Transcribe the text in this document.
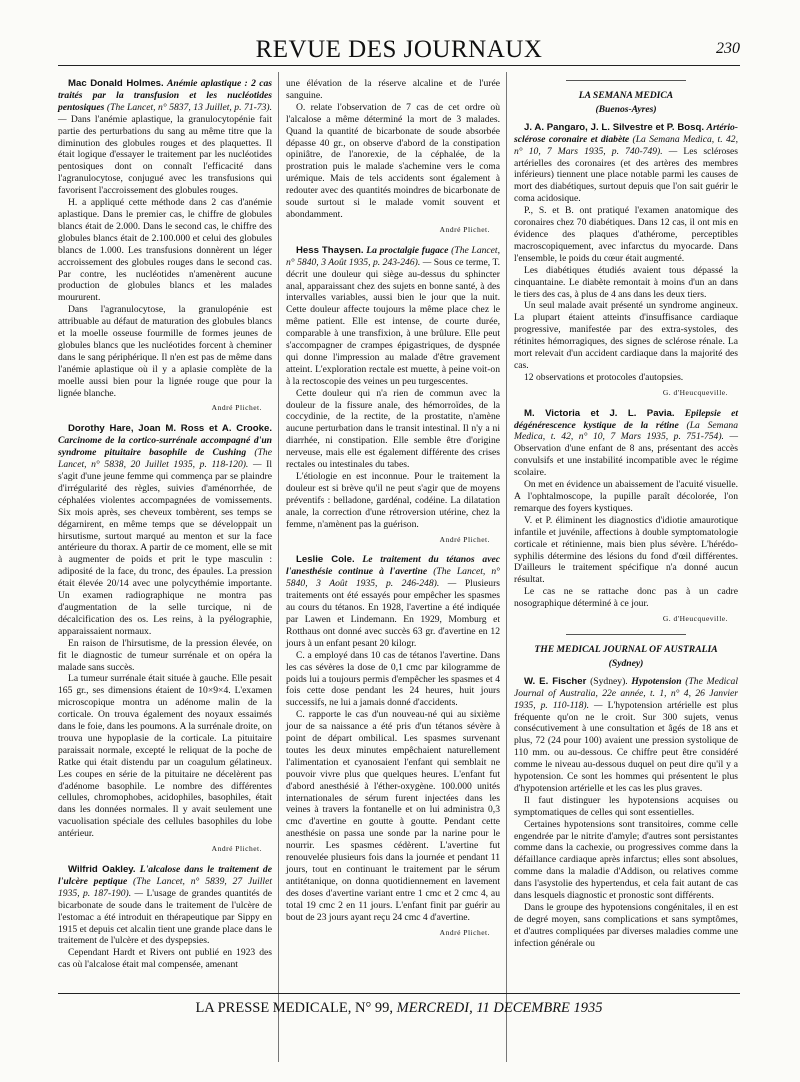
REVUE DES JOURNAUX	230

Mac Donald Holmes. Anémie aplastique : 2 cas traités par la transfusion et les nucléotides pentosiques (The Lancet, n° 5837, 13 Juillet, p. 71-73). — Dans l'anémie aplastique, la granulocytopénie fait partie des perturbations du sang au même titre que la diminution des globules rouges et des plaquettes. Il était logique d'essayer le traitement par les nucléotides pentosiques dont on connaît l'efficacité dans l'agranulocytose, conjugué avec les transfusions qui favorisent l'accroissement des globules rouges.

H. a appliqué cette méthode dans 2 cas d'anémie aplastique. Dans le premier cas, le chiffre de globules blancs était de 2.000. Dans le second cas, le chiffre des globules blancs était de 2.100.000 et celui des globules blancs de 1.000. Les transfusions donnèrent un léger accroissement des globules rouges dans le second cas. Par contre, les nucléotides n'amenèrent aucune production de globules blancs et les malades moururent.

Dans l'agranulocytose, la granulopénie est attribuable au défaut de maturation des globules blancs et la moelle osseuse fourmille de formes jeunes de globules blancs que les nucléotides forcent à cheminer dans le sang périphérique. Il n'en est pas de même dans l'anémie aplastique où il y a aplasie complète de la moelle aussi bien pour la lignée rouge que pour la lignée blanche.

André Plichet.

Dorothy Hare, Joan M. Ross et A. Crooke. Carcinome de la cortico-surrénale accompagné d'un syndrome pituitaire basophile de Cushing (The Lancet, n° 5838, 20 Juillet 1935, p. 118-120). — Il s'agit d'une jeune femme qui commença par se plaindre d'irrégularité des règles, suivies d'aménorrhée, de céphalées violentes accompagnées de vomissements. Six mois après, ses cheveux tombèrent, ses temps se dégarnirent, en même temps que se développait un hirsutisme, surtout marqué au menton et sur la face antérieure du thorax. A partir de ce moment, elle se mit à augmenter de poids et prit le type masculin : adiposité de la face, du tronc, des épaules. La pression était élevée 20/14 avec une polycythémie importante. Un examen radiographique ne montra pas d'augmentation de la selle turcique, ni de décalcification des os. Les reins, à la pyélographie, apparaissaient normaux.

En raison de l'hirsutisme, de la pression élevée, on fit le diagnostic de tumeur surrénale et on opéra la malade sans succès.

La tumeur surrénale était située à gauche. Elle pesait 165 gr., ses dimensions étaient de 10×9×4. L'examen microscopique montra un adénome malin de la corticale. On trouva également des noyaux essaimés dans le foie, dans les poumons. A la surrénale droite, on trouva une hypoplasie de la corticale. La pituitaire paraissait normale, excepté le reliquat de la poche de Ratke qui était distendu par un coagulum gélatineux. Les coupes en série de la pituitaire ne décelèrent pas d'adénome basophile. Le nombre des différentes cellules, chromophobes, acidophiles, basophiles, était dans les données normales. Il y avait seulement une vacuolisation spéciale des cellules basophiles du lobe antérieur.

André Plichet.

Wilfrid Oakley. L'alcalose dans le traitement de l'ulcère peptique (The Lancet, n° 5839, 27 Juillet 1935, p. 187-190). — L'usage de grandes quantités de bicarbonate de soude dans le traitement de l'ulcère de l'estomac a été introduit en thérapeutique par Sippy en 1915 et depuis cet alcalin tient une grande place dans le traitement de l'ulcère et des dyspepsies.

Cependant Hardt et Rivers ont publié en 1923 des cas où l'alcalose était mal compensée, amenant

une élévation de la réserve alcaline et de l'urée sanguine.

O. relate l'observation de 7 cas de cet ordre où l'alcalose a même déterminé la mort de 3 malades. Quand la quantité de bicarbonate de soude absorbée dépasse 40 gr., on observe d'abord de la constipation opiniâtre, de l'anorexie, de la céphalée, de la prostration puis le malade s'achemine vers le coma urémique. Mais de tels accidents sont également à redouter avec des quantités moindres de bicarbonate de soude surtout si le malade vomit souvent et abondamment.

André Plichet.

Hess Thaysen. La proctalgie fugace (The Lancet, n° 5840, 3 Août 1935, p. 243-246). — Sous ce terme, T. décrit une douleur qui siège au-dessus du sphincter anal, apparaissant chez des sujets en bonne santé, à des intervalles variables, aussi bien le jour que la nuit. Cette douleur affecte toujours la même place chez le même patient. Elle est intense, de courte durée, comparable à une transfixion, à une brûlure. Elle peut s'accompagner de crampes épigastriques, de dyspnée qui donne l'impression au malade d'être gravement atteint. L'exploration rectale est muette, à peine voit-on à la rectoscopie des veines un peu turgescentes.

Cette douleur qui n'a rien de commun avec la douleur de la fissure anale, des hémorroïdes, de la coccydinie, de la rectite, de la prostatite, n'amène aucune perturbation dans le transit intestinal. Il n'y a ni diarrhée, ni constipation. Elle semble être d'origine nerveuse, mais elle est également différente des crises rectales ou intestinales du tabes.

L'étiologie en est inconnue. Pour le traitement la douleur est si brève qu'il ne peut s'agir que de moyens préventifs : belladone, gardénal, codéine. La dilatation anale, la correction d'une rétroversion utérine, chez la femme, n'amènent pas la guérison.

André Plichet.

Leslie Cole. Le traitement du tétanos avec l'anesthésie continue à l'avertine (The Lancet, n° 5840, 3 Août 1935, p. 246-248). — Plusieurs traitements ont été essayés pour empêcher les spasmes au cours du tétanos. En 1928, l'avertine a été indiquée par Lawen et Lindemann. En 1929, Momburg et Rotthaus ont donné avec succès 63 gr. d'avertine en 12 jours à un enfant pesant 20 kilogr.

C. a employé dans 10 cas de tétanos l'avertine. Dans les cas sévères la dose de 0,1 cmc par kilogramme de poids lui a toujours permis d'empêcher les spasmes et 4 fois cette dose pendant les 24 heures, huit jours successifs, ne lui a jamais donné d'accidents.

C. rapporte le cas d'un nouveau-né qui au sixième jour de sa naissance a été pris d'un tétanos sévère à point de départ ombilical. Les spasmes survenant toutes les deux minutes empêchaient naturellement l'alimentation et cyanosaient l'enfant qui semblait ne pouvoir vivre plus que quelques heures. L'enfant fut d'abord anesthésié à l'éther-oxygène. 100.000 unités internationales de sérum furent injectées dans les veines à travers la fontanelle et on lui administra 0,3 cmc d'avertine en goutte à goutte. Pendant cette anesthésie on passa une sonde par la narine pour le nourrir. Les spasmes cédèrent. L'avertine fut renouvelée plusieurs fois dans la journée et pendant 11 jours, tout en continuant le traitement par le sérum antitétanique, on donna quotidiennement en lavement des doses d'avertine variant entre 1 cmc et 2 cmc 4, au total 19 cmc 2 en 11 jours. L'enfant finit par guérir au bout de 23 jours ayant reçu 24 cmc 4 d'avertine.

André Plichet.
LA SEMANA MEDICA
(Buenos-Ayres)

J. A. Pangaro, J. L. Silvestre et P. Bosq. Artério-sclérose coronaire et diabète (La Semana Medica, t. 42, n° 10, 7 Mars 1935, p. 740-749). — Les scléroses artérielles des coronaires (et des artères des membres inférieurs) tiennent une place notable parmi les causes de mort des diabétiques, surtout depuis que l'on sait guérir le coma acidosique.

P., S. et B. ont pratiqué l'examen anatomique des coronaires chez 70 diabétiques. Dans 12 cas, il ont mis en évidence des plaques d'athérome, perceptibles macroscopiquement, avec infarctus du myocarde. Dans l'ensemble, le poids du cœur était augmenté.

Les diabétiques étudiés avaient tous dépassé la cinquantaine. Le diabète remontait à moins d'un an dans le tiers des cas, à plus de 4 ans dans les deux tiers.

Un seul malade avait présenté un syndrome angineux. La plupart étaient atteints d'insuffisance cardiaque progressive, manifestée par des extra-systoles, des rétinites hémorragiques, des signes de sclérose rénale. La mort relevait d'un accident cardiaque dans la majorité des cas.

12 observations et protocoles d'autopsies.

G. d'Heucqueville.

M. Victoria et J. L. Pavia. Epilepsie et dégénérescence kystique de la rétine (La Semana Medica, t. 42, n° 10, 7 Mars 1935, p. 751-754). — Observation d'une enfant de 8 ans, présentant des accès convulsifs et une instabilité incompatible avec le régime scolaire.

On met en évidence un abaissement de l'acuité visuelle. A l'ophtalmoscope, la pupille paraît décolorée, l'on remarque des foyers kystiques.

V. et P. éliminent les diagnostics d'idiotie amaurotique infantile et juvénile, affections à double symptomatologie corticale et rétinienne, mais bien plus sévère. L'hérédo-syphilis détermine des lésions du fond d'œil différentes. D'ailleurs le traitement spécifique n'a donné aucun résultat.

Le cas ne se rattache donc pas à un cadre nosographique déterminé à ce jour.

G. d'Heucqueville.
THE MEDICAL JOURNAL OF AUSTRALIA
(Sydney)

W. E. Fischer (Sydney). Hypotension (The Medical Journal of Australia, 22e année, t. 1, n° 4, 26 Janvier 1935, p. 110-118). — L'hypotension artérielle est plus fréquente qu'on ne le croit. Sur 300 sujets, venus consécutivement à une consultation et âgés de 18 ans et plus, 72 (24 pour 100) avaient une pression systolique de 110 mm. ou au-dessous. Ce chiffre peut être considéré comme le niveau au-dessous duquel on peut dire qu'il y a hypotension. Ce sont les hommes qui présentent le plus d'hypotension artérielle et les cas les plus graves.

Il faut distinguer les hypotensions acquises ou symptomatiques de celles qui sont essentielles.

Certaines hypotensions sont transitoires, comme celle engendrée par le nitrite d'amyle; d'autres sont persistantes comme dans la cachexie, ou progressives comme dans la défaillance cardiaque après infarctus; elles sont absolues, comme dans la maladie d'Addison, ou relatives comme dans l'asystolie des hypertendus, et cela fait autant de cas dans lesquels diagnostic et pronostic sont différents.

Dans le groupe des hypotensions congénitales, il en est de degré moyen, sans complications et sans symptômes, et d'autres compliquées par diverses maladies comme une infection générale ou

LA PRESSE MEDICALE, N° 99, MERCREDI, 11 DECEMBRE 1935
